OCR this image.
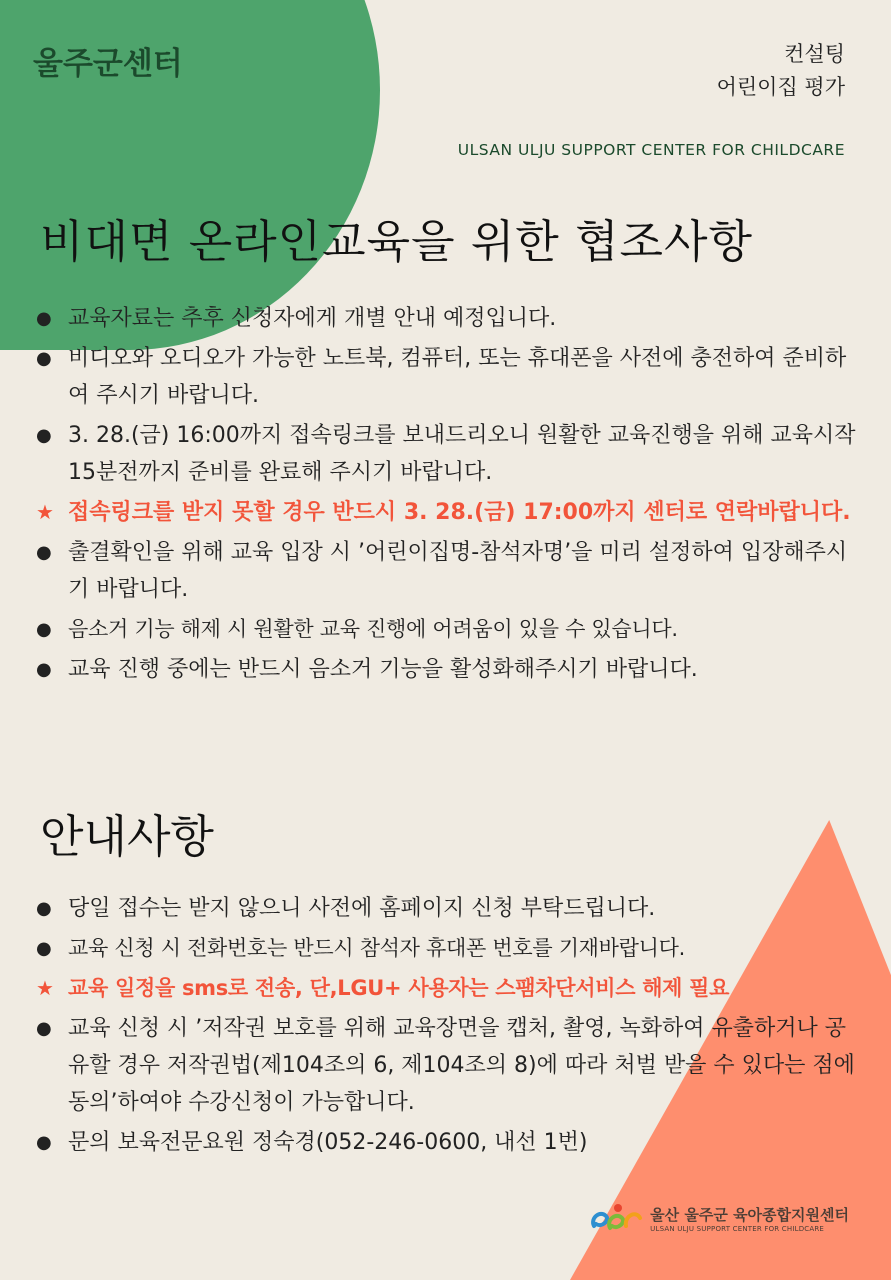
울주군센터	컨설팅
어린이집 평가
ULSAN ULJU SUPPORT CENTER FOR CHILDCARE
비대면 온라인교육을 위한 협조사항
● 교육자료는 추후 신청자에게 개별 안내 예정입니다.
● 비디오와 오디오가 가능한 노트북, 컴퓨터, 또는 휴대폰을 사전에 충전하여 준비하여 주시기 바랍니다.
● 3. 28.(금) 16:00까지 접속링크를 보내드리오니 원활한 교육진행을 위해 교육시작 15분전까지 준비를 완료해 주시기 바랍니다.
★ 접속링크를 받지 못할 경우 반드시 3. 28.(금) 17:00까지 센터로 연락바랍니다.
● 출결확인을 위해 교육 입장 시 ’어린이집명-참석자명’을 미리 설정하여 입장해주시기 바랍니다.
● 음소거 기능 해제 시 원활한 교육 진행에 어려움이 있을 수 있습니다.
● 교육 진행 중에는 반드시 음소거 기능을 활성화해주시기 바랍니다.
안내사항
● 당일 접수는 받지 않으니 사전에 홈페이지 신청 부탁드립니다.
● 교육 신청 시 전화번호는 반드시 참석자 휴대폰 번호를 기재바랍니다.
★ 교육 일정을 sms로 전송, 단,LGU+ 사용자는 스팸차단서비스 해제 필요
● 교육 신청 시 ’저작권 보호를 위해 교육장면을 캡처, 촬영, 녹화하여 유출하거나 공유할 경우 저작권법(제104조의 6, 제104조의 8)에 따라 처벌 받을 수 있다는 점에 동의’하여야 수강신청이 가능합니다.
● 문의 보육전문요원 정숙경(052-246-0600, 내선 1번)
울산 울주군 육아종합지원센터
ULSAN ULJU SUPPORT CENTER FOR CHILDCARE
